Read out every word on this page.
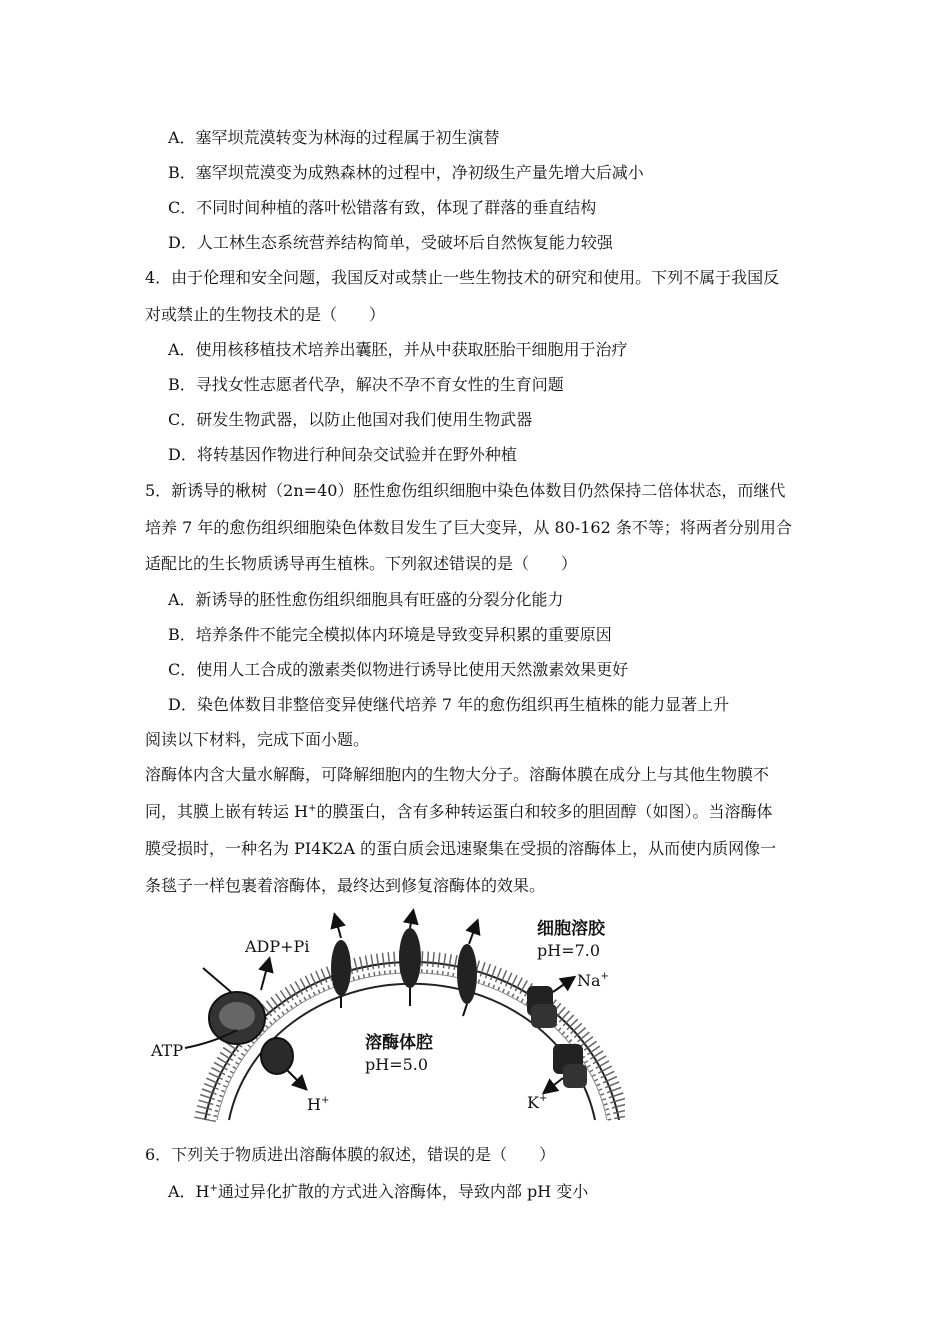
A．塞罕坝荒漠转变为林海的过程属于初生演替
B．塞罕坝荒漠变为成熟森林的过程中，净初级生产量先增大后减小
C．不同时间种植的落叶松错落有致，体现了群落的垂直结构
D．人工林生态系统营养结构简单，受破坏后自然恢复能力较强
4．由于伦理和安全问题，我国反对或禁止一些生物技术的研究和使用。下列不属于我国反
对或禁止的生物技术的是（　　）
A．使用核移植技术培养出囊胚，并从中获取胚胎干细胞用于治疗
B．寻找女性志愿者代孕，解决不孕不育女性的生育问题
C．研发生物武器，以防止他国对我们使用生物武器
D．将转基因作物进行种间杂交试验并在野外种植
5．新诱导的楸树（2n=40）胚性愈伤组织细胞中染色体数目仍然保持二倍体状态，而继代
培养 7 年的愈伤组织细胞染色体数目发生了巨大变异，从 80-162 条不等；将两者分别用合
适配比的生长物质诱导再生植株。下列叙述错误的是（　　）
A．新诱导的胚性愈伤组织细胞具有旺盛的分裂分化能力
B．培养条件不能完全模拟体内环境是导致变异积累的重要原因
C．使用人工合成的激素类似物进行诱导比使用天然激素效果更好
D．染色体数目非整倍变异使继代培养 7 年的愈伤组织再生植株的能力显著上升
阅读以下材料，完成下面小题。
溶酶体内含大量水解酶，可降解细胞内的生物大分子。溶酶体膜在成分上与其他生物膜不
同，其膜上嵌有转运 H+的膜蛋白，含有多种转运蛋白和较多的胆固醇（如图）。当溶酶体
膜受损时，一种名为 PI4K2A 的蛋白质会迅速聚集在受损的溶酶体上，从而使内质网像一
条毯子一样包裹着溶酶体，最终达到修复溶酶体的效果。
ADP+Pi
ATP
H+
溶酶体腔
pH=5.0
细胞溶胶
pH=7.0
Na+
K+
6．下列关于物质进出溶酶体膜的叙述，错误的是（　　）
A．H+通过异化扩散的方式进入溶酶体，导致内部 pH 变小
